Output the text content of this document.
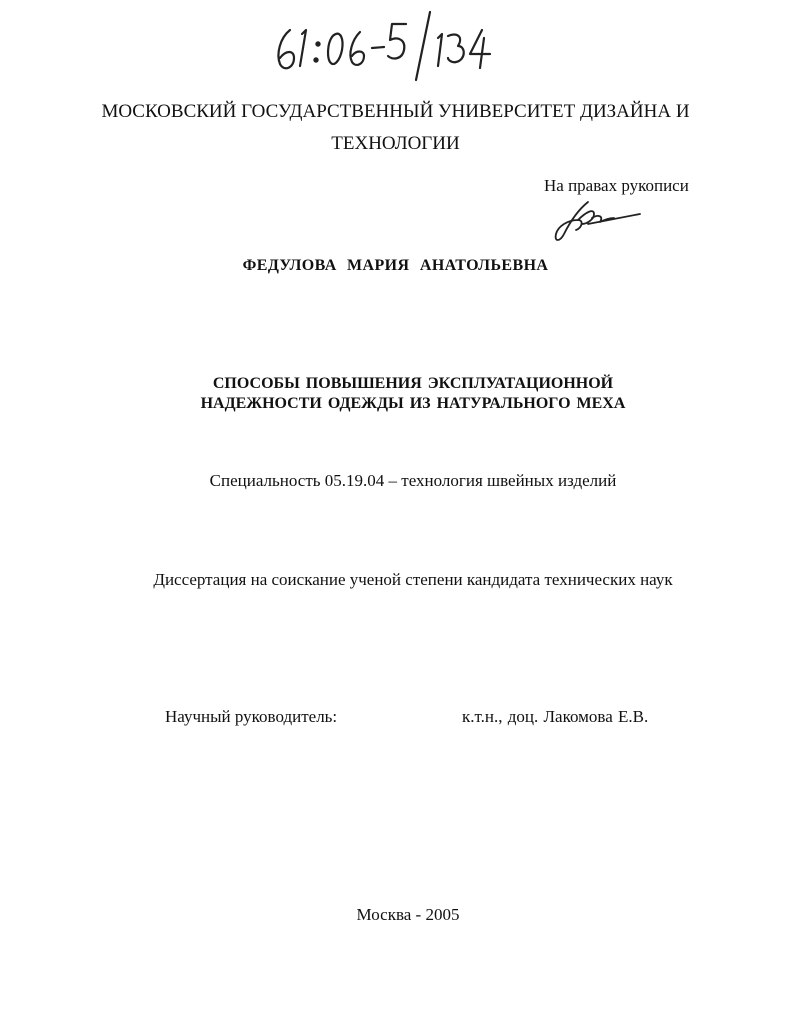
МОСКОВСКИЙ ГОСУДАРСТВЕННЫЙ УНИВЕРСИТЕТ ДИЗАЙНА И
ТЕХНОЛОГИИ
На правах рукописи
ФЕДУЛОВА МАРИЯ АНАТОЛЬЕВНА
СПОСОБЫ ПОВЫШЕНИЯ ЭКСПЛУАТАЦИОННОЙ
НАДЕЖНОСТИ ОДЕЖДЫ ИЗ НАТУРАЛЬНОГО МЕХА
Специальность 05.19.04 – технология швейных изделий
Диссертация на соискание ученой степени кандидата технических наук
Научный руководитель:	к.т.н., доц. Лакомова Е.В.
Москва - 2005
